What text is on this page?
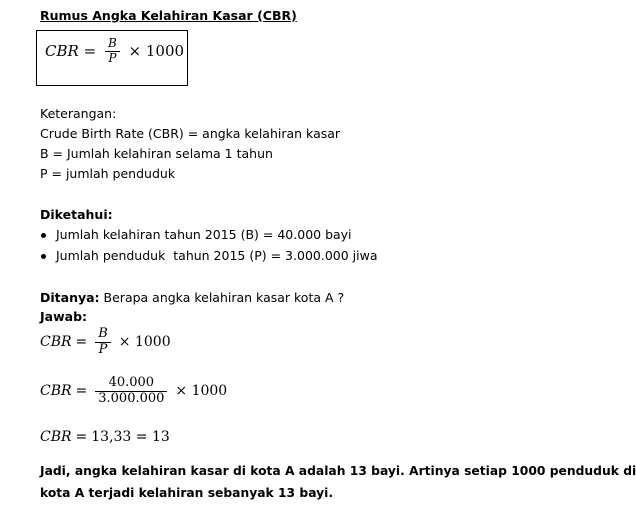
Rumus Angka Kelahiran Kasar (CBR)
CBR = $\frac{B}{P} \times 1000$
Keterangan:
Crude Birth Rate (CBR) = angka kelahiran kasar
B = Jumlah kelahiran selama 1 tahun
P = jumlah penduduk
Diketahui:
Jumlah kelahiran tahun 2015 (B) = 40.000 bayi
Jumlah penduduk  tahun 2015 (P) = 3.000.000 jiwa
Ditanya: Berapa angka kelahiran kasar kota A ?
Jawab:
CBR = $\frac{B}{P} \times 1000$
CBR = $\frac{40.000}{3.000.000} \times 1000$
CBR = 13,33 = 13
Jadi, angka kelahiran kasar di kota A adalah 13 bayi. Artinya setiap 1000 penduduk di
kota A terjadi kelahiran sebanyak 13 bayi.
